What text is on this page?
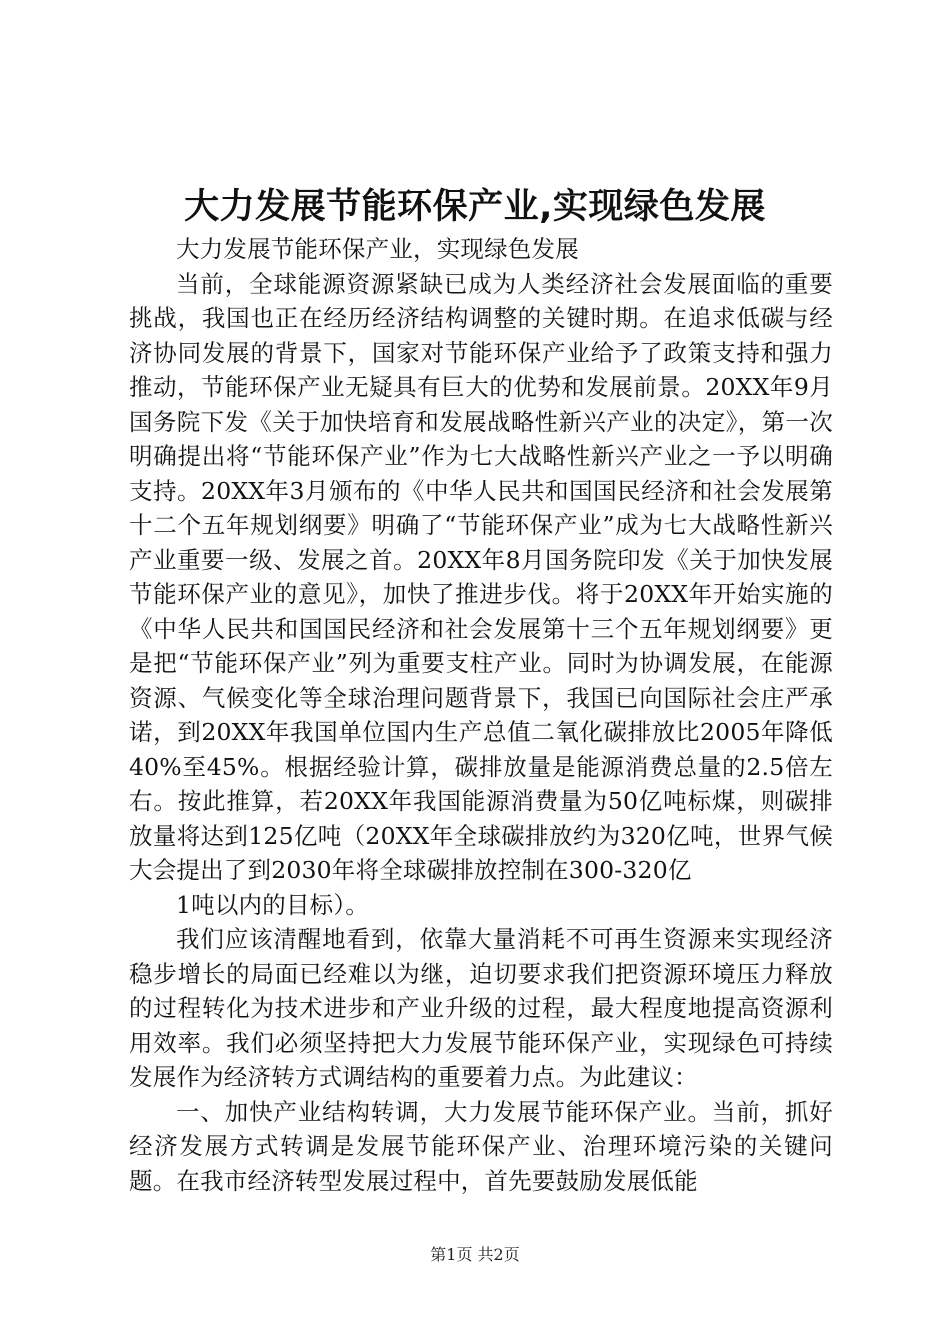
大力发展节能环保产业,实现绿色发展

大力发展节能环保产业，实现绿色发展

当前，全球能源资源紧缺已成为人类经济社会发展面临的重要挑战，我国也正在经历经济结构调整的关键时期。在追求低碳与经济协同发展的背景下，国家对节能环保产业给予了政策支持和强力推动，节能环保产业无疑具有巨大的优势和发展前景。20XX年9月国务院下发《关于加快培育和发展战略性新兴产业的决定》，第一次明确提出将“节能环保产业”作为七大战略性新兴产业之一予以明确支持。20XX年3月颁布的《中华人民共和国国民经济和社会发展第十二个五年规划纲要》明确了“节能环保产业”成为七大战略性新兴产业重要一级、发展之首。20XX年8月国务院印发《关于加快发展节能环保产业的意见》，加快了推进步伐。将于20XX年开始实施的《中华人民共和国国民经济和社会发展第十三个五年规划纲要》更是把“节能环保产业”列为重要支柱产业。同时为协调发展，在能源资源、气候变化等全球治理问题背景下，我国已向国际社会庄严承诺，到20XX年我国单位国内生产总值二氧化碳排放比2005年降低40%至45%。根据经验计算，碳排放量是能源消费总量的2.5倍左右。按此推算，若20XX年我国能源消费量为50亿吨标煤，则碳排放量将达到125亿吨（20XX年全球碳排放约为320亿吨，世界气候大会提出了到2030年将全球碳排放控制在300-320亿

1吨以内的目标）。

我们应该清醒地看到，依靠大量消耗不可再生资源来实现经济稳步增长的局面已经难以为继，迫切要求我们把资源环境压力释放的过程转化为技术进步和产业升级的过程，最大程度地提高资源利用效率。我们必须坚持把大力发展节能环保产业，实现绿色可持续发展作为经济转方式调结构的重要着力点。为此建议：

一、加快产业结构转调，大力发展节能环保产业。当前，抓好经济发展方式转调是发展节能环保产业、治理环境污染的关键问题。在我市经济转型发展过程中，首先要鼓励发展低能

第1页 共2页
